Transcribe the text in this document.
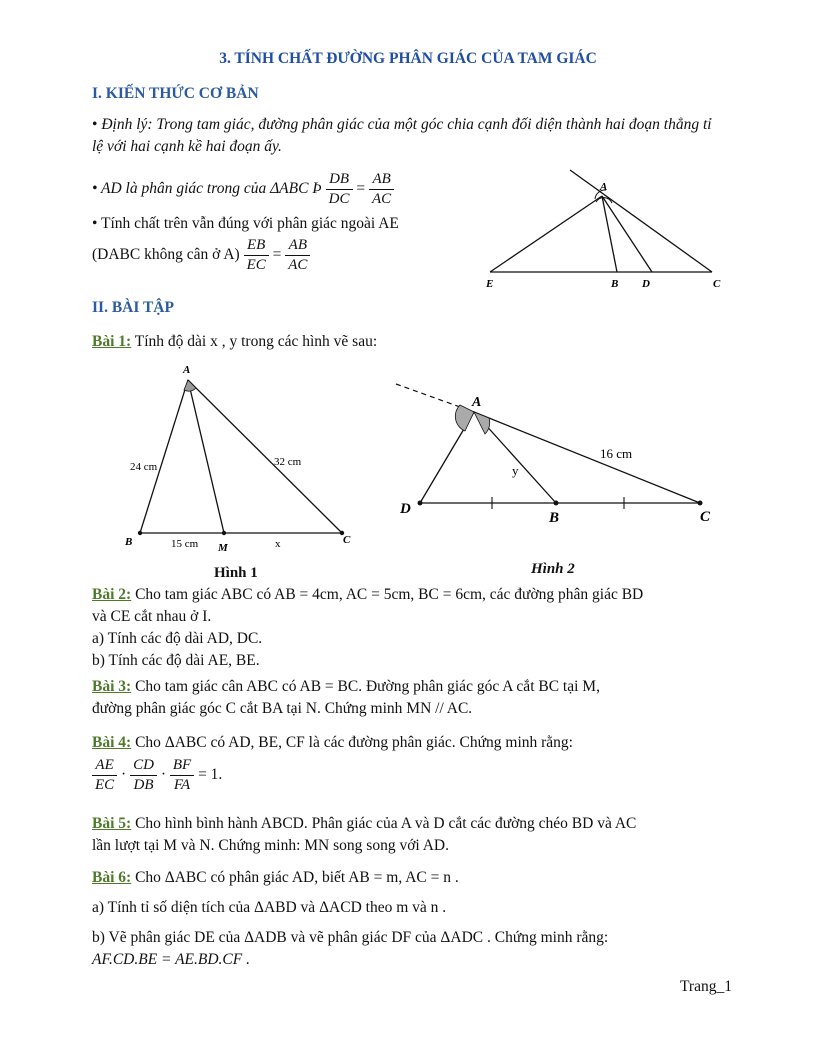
3. TÍNH CHẤT ĐƯỜNG PHÂN GIÁC CỦA TAM GIÁC
I. KIẾN THỨC CƠ BẢN
• Định lý: Trong tam giác, đường phân giác của một góc chia cạnh đối diện thành hai đoạn thẳng tỉ
lệ với hai cạnh kề hai đoạn ấy.
• AD là phân giác trong của ΔABC Þ $\frac{DB}{DC} = \frac{AB}{AC}$
• Tính chất trên vẫn đúng với phân giác ngoài AE
(DABC không cân ở $A) \frac{EB}{EC} = \frac{AB}{AC}$
A
E	B D	C
II. BÀI TẬP
Bài 1: Tính độ dài x , y trong các hình vẽ sau:
A
B	M
C
24 cm	32 cm
15 cm	x
Hình 1
A
D
B	C
16 cm
y
Hình 2
Bài 2: Cho tam giác ABC có AB = 4cm, AC = 5cm, BC = 6cm, các đường phân giác BD
và CE cắt nhau ở I.
a) Tính các độ dài AD, DC.
b) Tính các độ dài AE, BE.
Bài 3: Cho tam giác cân ABC có AB = BC. Đường phân giác góc A cắt BC tại M,
đường phân giác góc C cắt BA tại N. Chứng minh MN // AC.
Bài 4: Cho ΔABC có AD, BE, CF là các đường phân giác. Chứng minh rằng:
$\frac{AE}{EC} \cdot \frac{CD}{DB} \cdot \frac{BF}{FA} = 1$.
Bài 5: Cho hình bình hành ABCD. Phân giác của A và D cắt các đường chéo BD và AC
lần lượt tại M và N. Chứng minh: MN song song với AD.
Bài 6: Cho ΔABC có phân giác AD, biết AB = m, AC = n .
a) Tính tỉ số diện tích của ΔABD và ΔACD theo m và n .
b) Vẽ phân giác DE của ΔADB và vẽ phân giác DF của ΔADC . Chứng minh rằng:
AF.CD.BE = AE.BD.CF .
Trang_1
